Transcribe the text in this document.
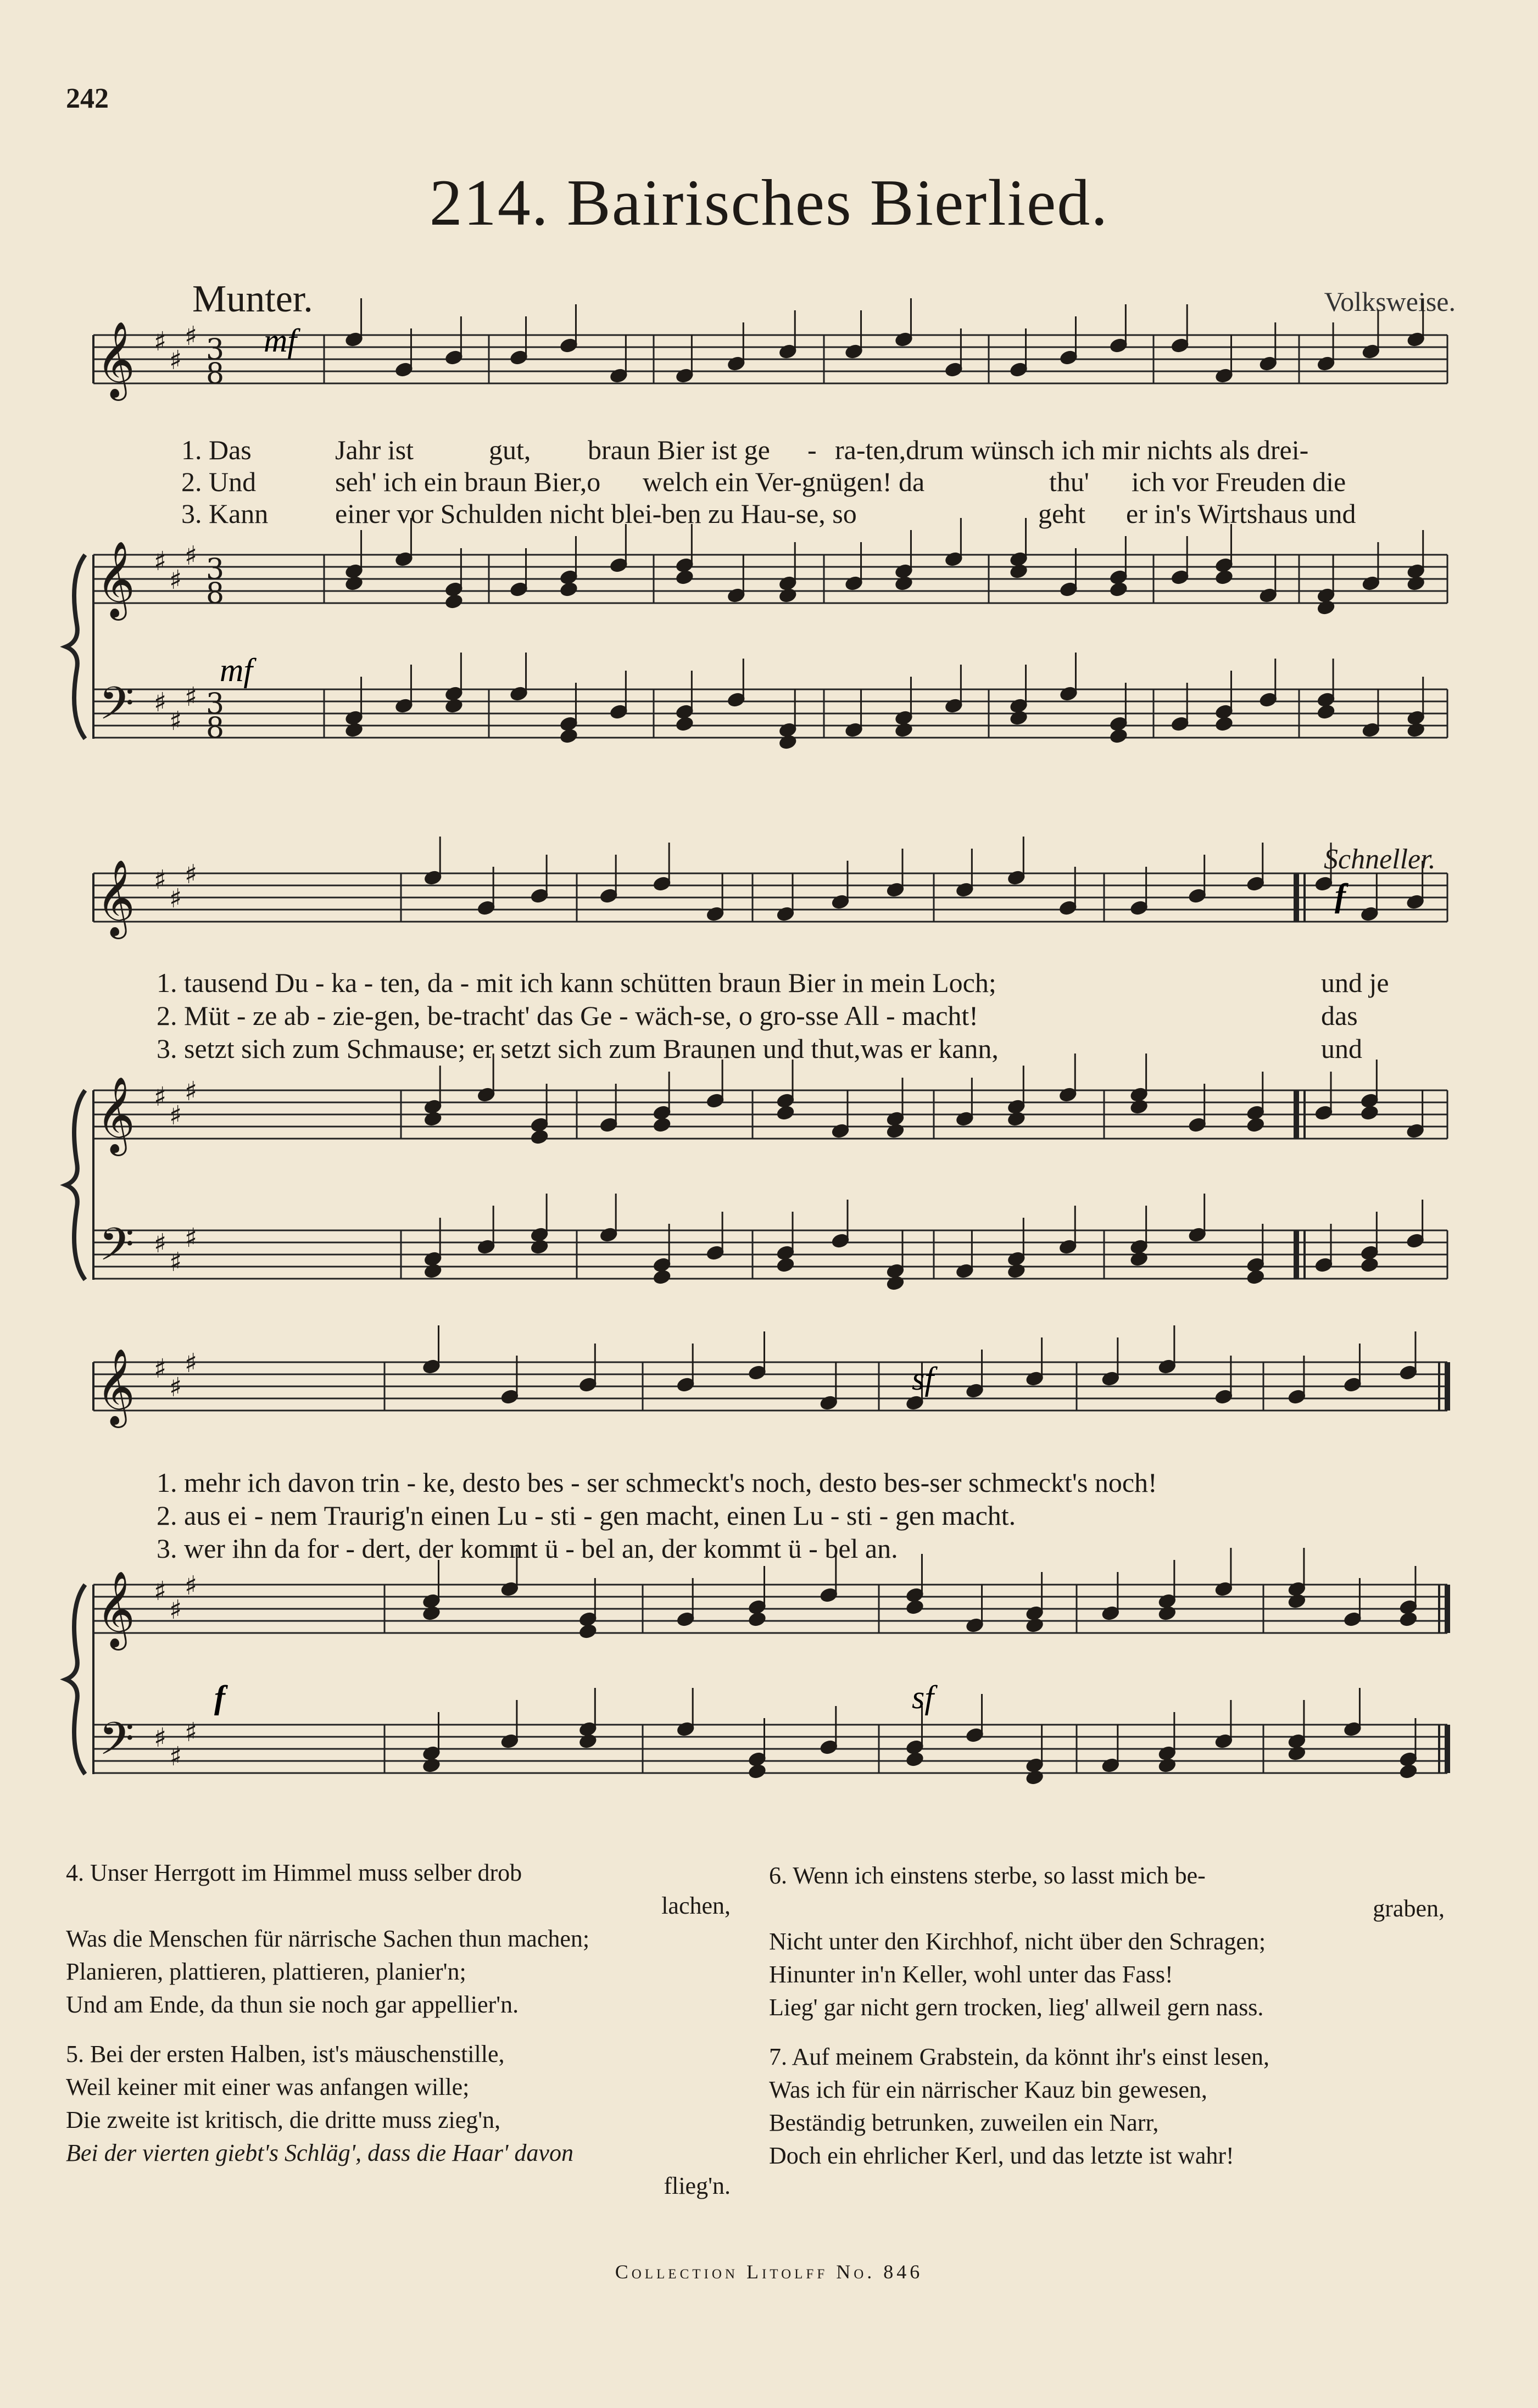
242
214. Bairisches Bierlied.
Munter.	Volksweise.
Schneller.
𝄞 ♯
♯
♯ 3
8
𝄞 ♯
♯
♯ 3
8
𝄢 ♯
♯
♯ 3
8
𝄞 ♯
♯
♯
𝄞 ♯
♯
♯
𝄢 ♯
♯
♯
𝄞 ♯
♯
♯
𝄞 ♯
♯
♯
𝄢 ♯
♯
♯
mf
mf
f
sf
f	sf
1. Das	Jahr ist	gut, braun Bier ist ge - ra-ten,drum wünsch ich mir nichts als drei-
2. Und	seh' ich ein braun Bier,o welch ein Ver-gnügen! da	thu' ich vor Freuden die
3. Kann einer vor Schulden nicht blei-ben zu Hau-se, so	geht er in's Wirtshaus und
1. tausend Du - ka - ten, da - mit ich kann schütten braun Bier in mein Loch;	und je
2. Müt - ze ab - zie-gen, be-tracht' das Ge - wäch-se, o gro-sse All - macht!	das
3. setzt sich zum Schmause; er setzt sich zum Braunen und thut,was er kann,	und
1. mehr ich davon trin - ke, desto bes - ser schmeckt's noch, desto bes-ser schmeckt's noch!
2. aus ei - nem Traurig'n einen Lu - sti - gen macht, einen Lu - sti - gen macht.
3. wer ihn da for - dert, der kommt ü - bel an, der kommt ü - bel an.

4. Unser Herrgott im Himmel muss selber drob
lachen,
Was die Menschen für närrische Sachen thun machen;
Planieren, plattieren, plattieren, planier'n;
Und am Ende, da thun sie noch gar appellier'n.

5. Bei der ersten Halben, ist's mäuschenstille,
Weil keiner mit einer was anfangen wille;
Die zweite ist kritisch, die dritte muss zieg'n,
Bei der vierten giebt's Schläg', dass die Haar' davon
flieg'n.

6. Wenn ich einstens sterbe, so lasst mich be-
graben,
Nicht unter den Kirchhof, nicht über den Schragen;
Hinunter in'n Keller, wohl unter das Fass!
Lieg' gar nicht gern trocken, lieg' allweil gern nass.

7. Auf meinem Grabstein, da könnt ihr's einst lesen,
Was ich für ein närrischer Kauz bin gewesen,
Beständig betrunken, zuweilen ein Narr,
Doch ein ehrlicher Kerl, und das letzte ist wahr!

Collection Litolff No. 846
